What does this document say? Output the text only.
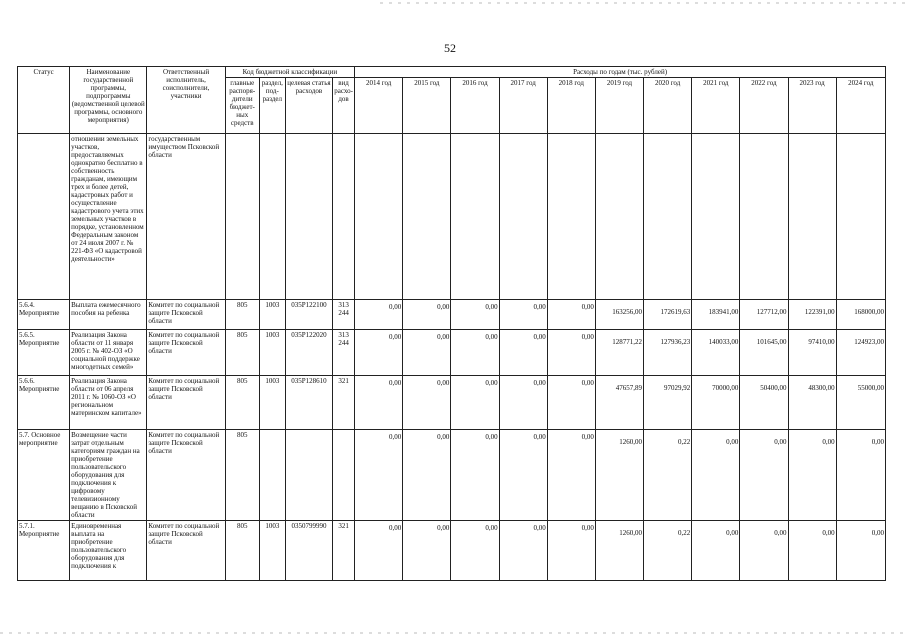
52
Статус	Наименование государственной программы, подпрограммы (ведомственной целевой программы, основного мероприятия)	Ответственный исполнитель, соисполнители, участники	Код бюджетной классификации				Расходы по годам (тыс. рублей)										
			главные распоря-дители бюджет-ных средств	раздел, под-раздел	целевая статья расходов	вид расхо-дов	2014 год	2015 год	2016 год	2017 год	2018 год	2019 год	2020 год	2021 год	2022 год	2023 год	2024 год
	отношении земельных участков, предоставляемых однократно бесплатно в собственность гражданам, имеющим трех и более детей, кадастровых работ и осуществление кадастрового учета этих земельных участков в порядке, установленном Федеральным законом от 24 июля 2007 г. № 221-ФЗ «О кадастровой деятельности»	государственным имуществом Псковской области															
5.6.4. Мероприятие	Выплата ежемесячного пособия на ребенка	Комитет по социальной защите Псковской области	805	1003	035Р122100	313 244	0,00	0,00	0,00	0,00	0,00	163256,00	172619,63	183941,00	127712,00	122391,00	168000,00
5.6.5. Мероприятие	Реализация Закона области от 11 января 2005 г. № 402-ОЗ «О социальной поддержке многодетных семей»	Комитет по социальной защите Псковской области	805	1003	035Р122020	313 244	0,00	0,00	0,00	0,00	0,00	128771,22	127936,23	140033,00	101645,00	97410,00	124923,00
5.6.6. Мероприятие	Реализация Закона области от 06 апреля 2011 г. № 1060-ОЗ «О региональном материнском капитале»	Комитет по социальной защите Псковской области	805	1003	035Р128610	321	0,00	0,00	0,00	0,00	0,00	47657,89	97029,92	70000,00	50400,00	48300,00	55000,00
5.7. Основное мероприятие	Возмещение части затрат отдельным категориям граждан на приобретение пользовательского оборудования для подключения к цифровому телевизионному вещанию в Псковской области	Комитет по социальной защите Псковской области	805				0,00	0,00	0,00	0,00	0,00	1260,00	0,22	0,00	0,00	0,00	0,00
5.7.1. Мероприятие	Единовременная выплата на приобретение пользовательского оборудования для подключения к	Комитет по социальной защите Псковской области	805	1003	0350799990	321	0,00	0,00	0,00	0,00	0,00	1260,00	0,22	0,00	0,00	0,00	0,00
